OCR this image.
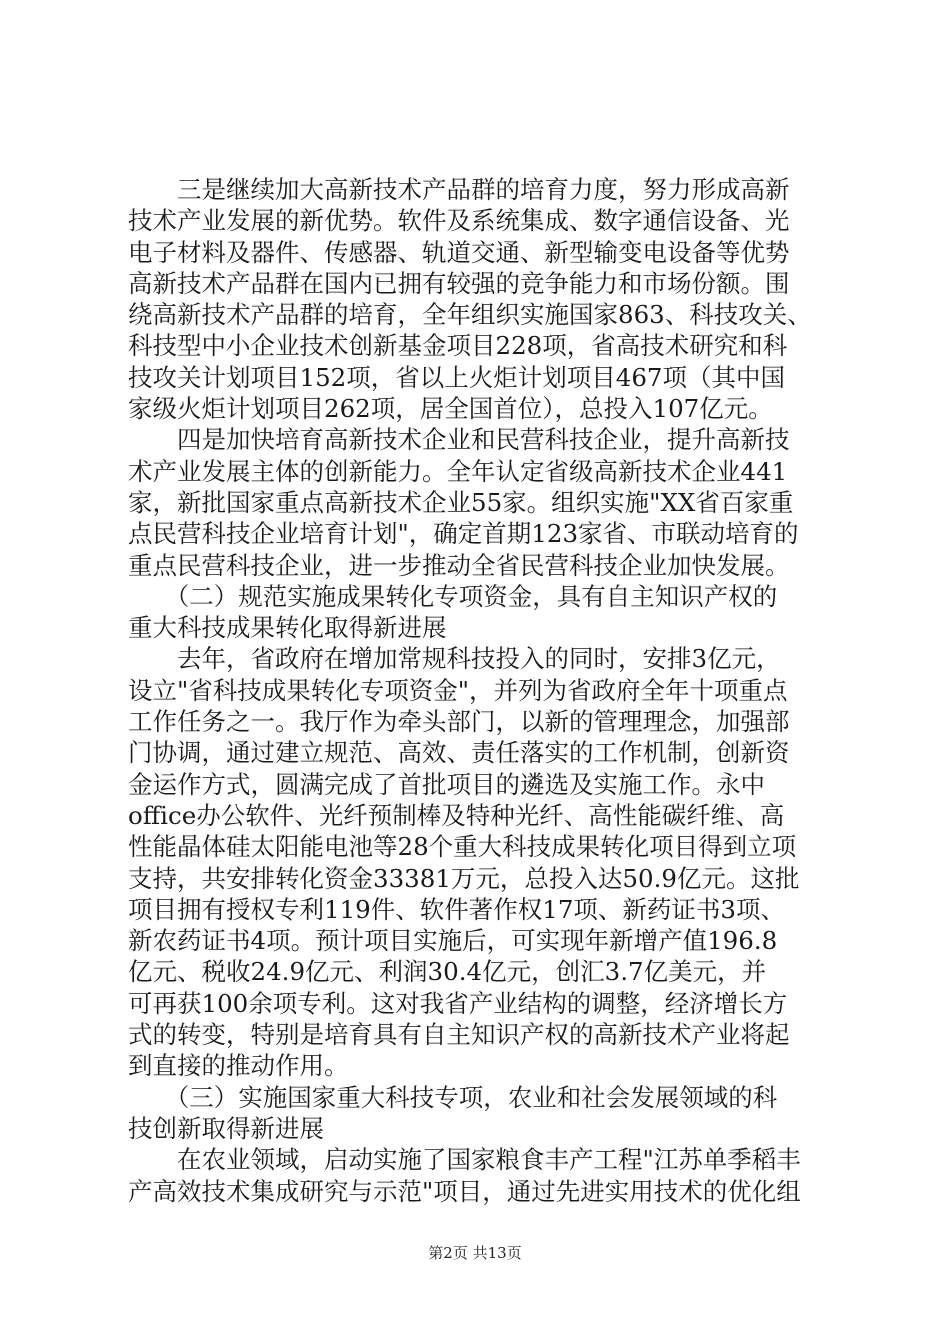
　　三是继续加大高新技术产品群的培育力度，努力形成高新
技术产业发展的新优势。软件及系统集成、数字通信设备、光
电子材料及器件、传感器、轨道交通、新型输变电设备等优势
高新技术产品群在国内已拥有较强的竞争能力和市场份额。围
绕高新技术产品群的培育，全年组织实施国家863、科技攻关、
科技型中小企业技术创新基金项目228项，省高技术研究和科
技攻关计划项目152项，省以上火炬计划项目467项（其中国
家级火炬计划项目262项，居全国首位），总投入107亿元。
　　四是加快培育高新技术企业和民营科技企业，提升高新技
术产业发展主体的创新能力。全年认定省级高新技术企业441
家，新批国家重点高新技术企业55家。组织实施"XX省百家重
点民营科技企业培育计划"，确定首期123家省、市联动培育的
重点民营科技企业，进一步推动全省民营科技企业加快发展。
　　（二）规范实施成果转化专项资金，具有自主知识产权的
重大科技成果转化取得新进展
　　去年，省政府在增加常规科技投入的同时，安排3亿元，
设立"省科技成果转化专项资金"，并列为省政府全年十项重点
工作任务之一。我厅作为牵头部门，以新的管理理念，加强部
门协调，通过建立规范、高效、责任落实的工作机制，创新资
金运作方式，圆满完成了首批项目的遴选及实施工作。永中
office办公软件、光纤预制棒及特种光纤、高性能碳纤维、高
性能晶体硅太阳能电池等28个重大科技成果转化项目得到立项
支持，共安排转化资金33381万元，总投入达50.9亿元。这批
项目拥有授权专利119件、软件著作权17项、新药证书3项、
新农药证书4项。预计项目实施后，可实现年新增产值196.8
亿元、税收24.9亿元、利润30.4亿元，创汇3.7亿美元，并
可再获100余项专利。这对我省产业结构的调整，经济增长方
式的转变，特别是培育具有自主知识产权的高新技术产业将起
到直接的推动作用。
　　（三）实施国家重大科技专项，农业和社会发展领域的科
技创新取得新进展
　　在农业领域，启动实施了国家粮食丰产工程"江苏单季稻丰
产高效技术集成研究与示范"项目，通过先进实用技术的优化组
第2页 共13页
